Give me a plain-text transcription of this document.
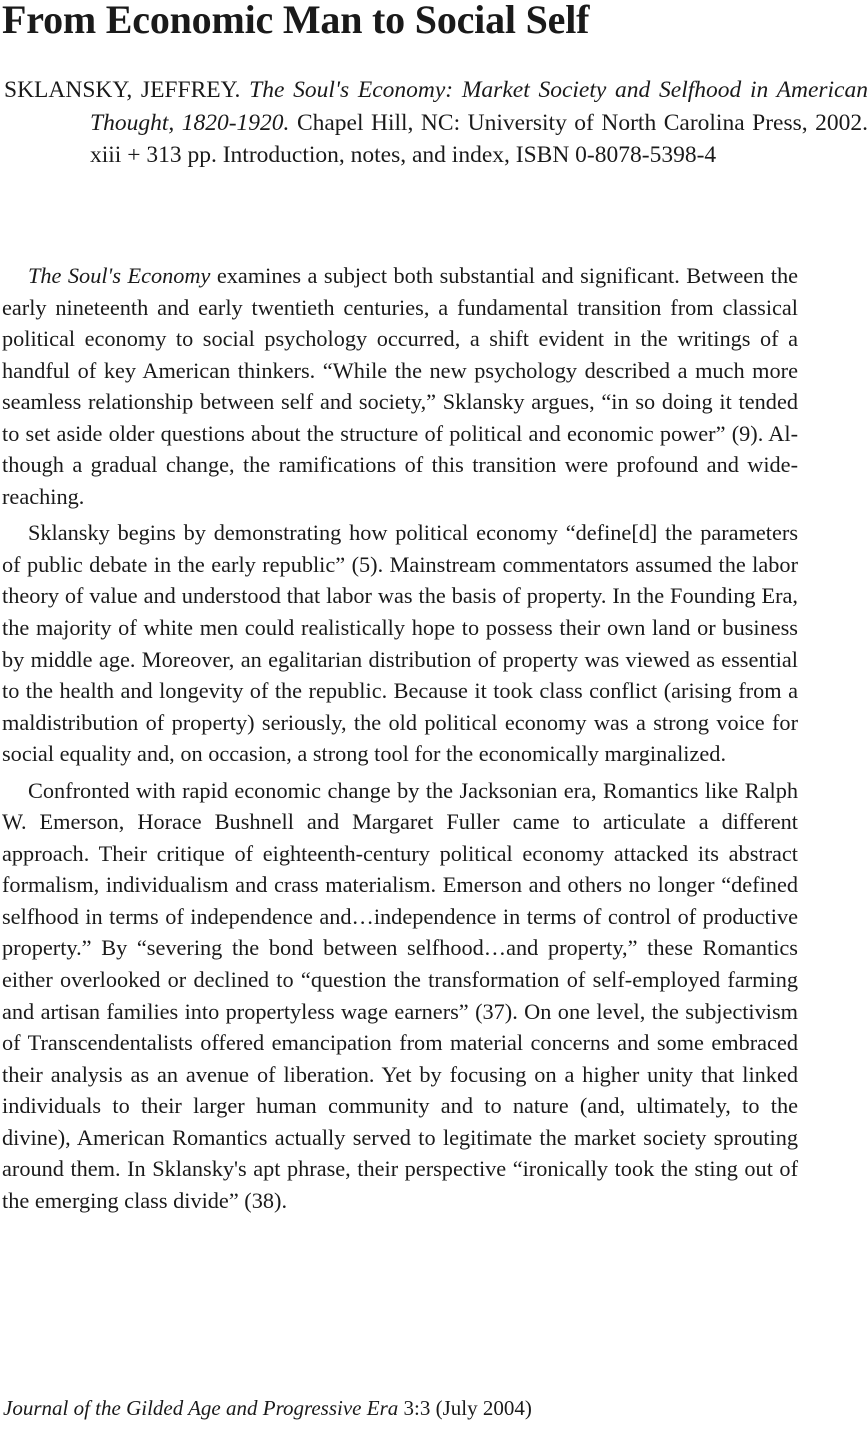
From Economic Man to Social Self

SKLANSKY, JEFFREY. The Soul's Economy: Market Society and Selfhood in American Thought, 1820-1920. Chapel Hill, NC: University of North Carolina Press, 2002. xiii + 313 pp. Introduction, notes, and index, ISBN 0-8078-5398-4

The Soul's Economy examines a subject both substantial and significant. Between the early nineteenth and early twentieth centuries, a fundamental transition from classical political economy to social psychology occurred, a shift evident in the writings of a handful of key American thinkers. “While the new psychology described a much more seamless relationship between self and society,” Sklansky argues, “in so doing it tended to set aside older questions about the structure of political and economic power” (9). Although a gradual change, the ramifications of this transition were profound and wide-reaching.

Sklansky begins by demonstrating how political economy “define[d] the parameters of public debate in the early republic” (5). Mainstream commentators assumed the labor theory of value and understood that labor was the basis of property. In the Founding Era, the majority of white men could realistically hope to possess their own land or business by middle age. Moreover, an egalitarian distribution of property was viewed as essential to the health and longevity of the republic. Because it took class conflict (arising from a maldistribution of property) seriously, the old political economy was a strong voice for social equality and, on occasion, a strong tool for the economically marginalized.

Confronted with rapid economic change by the Jacksonian era, Romantics like Ralph W. Emerson, Horace Bushnell and Margaret Fuller came to articulate a different approach. Their critique of eighteenth-century political economy attacked its abstract formalism, individualism and crass materialism. Emerson and others no longer “defined selfhood in terms of independence and…independence in terms of control of productive property.” By “severing the bond between selfhood…and property,” these Romantics either overlooked or declined to “question the transformation of self-employed farming and artisan families into propertyless wage earners” (37). On one level, the subjectivism of Transcendentalists offered emancipation from material concerns and some embraced their analysis as an avenue of liberation. Yet by focusing on a higher unity that linked individuals to their larger human community and to nature (and, ultimately, to the divine), American Romantics actually served to legitimate the market society sprouting around them. In Sklansky's apt phrase, their perspective “ironically took the sting out of the emerging class divide” (38).

Journal of the Gilded Age and Progressive Era 3:3 (July 2004)
